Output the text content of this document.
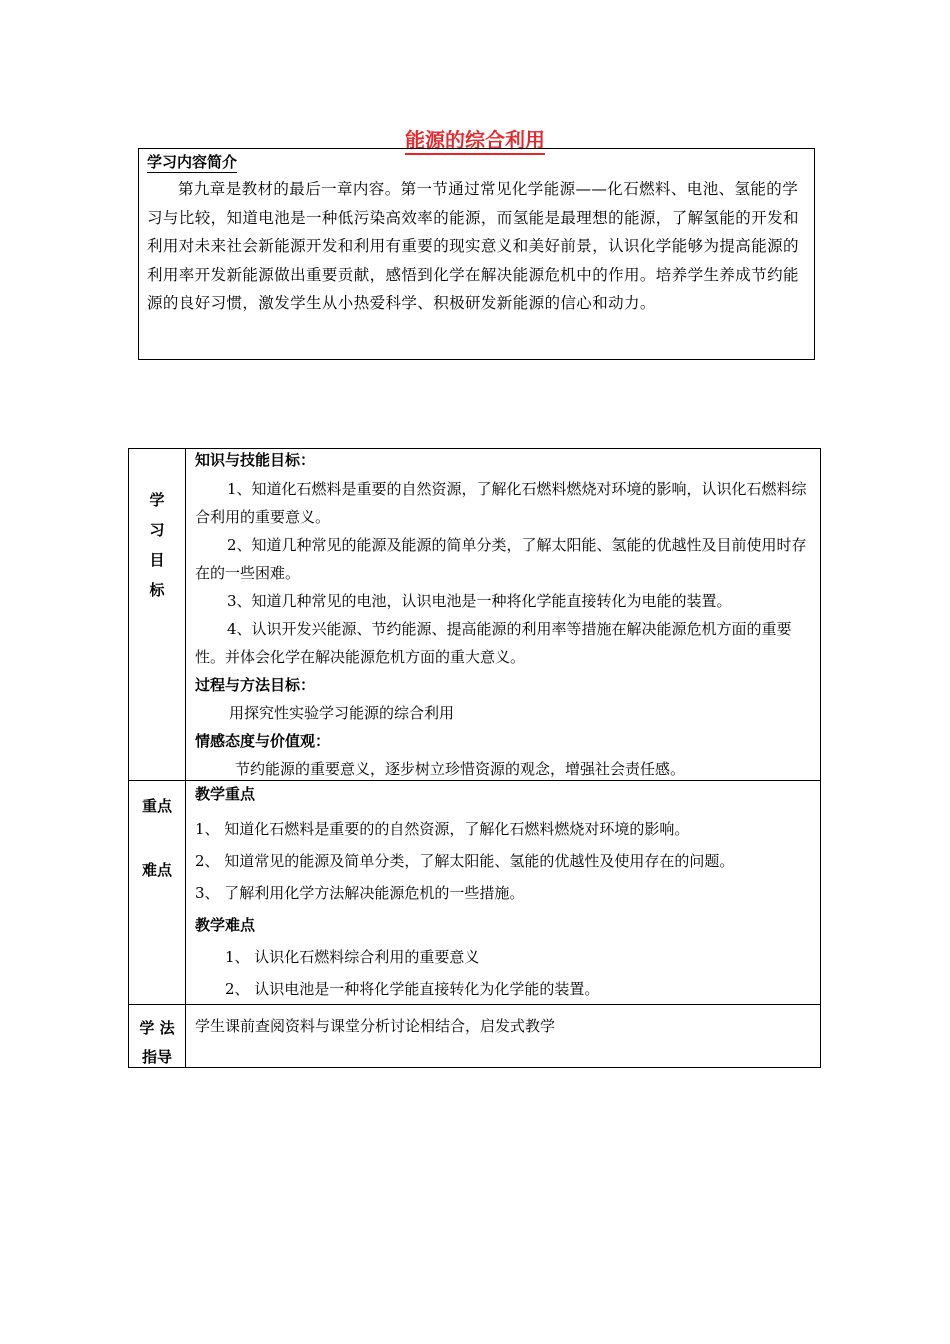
能源的综合利用
学习内容简介
第九章是教材的最后一章内容。第一节通过常见化学能源——化石燃料、电池、氢能的学习与比较，知道电池是一种低污染高效率的能源，而氢能是最理想的能源，了解氢能的开发和利用对未来社会新能源开发和利用有重要的现实意义和美好前景，认识化学能够为提高能源的利用率开发新能源做出重要贡献，感悟到化学在解决能源危机中的作用。培养学生养成节约能源的良好习惯，激发学生从小热爱科学、积极研发新能源的信心和动力。
学
习
目
标
知识与技能目标：
1、知道化石燃料是重要的自然资源，了解化石燃料燃烧对环境的影响，认识化石燃料综合利用的重要意义。
2、知道几种常见的能源及能源的简单分类，了解太阳能、氢能的优越性及目前使用时存在的一些困难。
3、知道几种常见的电池，认识电池是一种将化学能直接转化为电能的装置。
4、认识开发兴能源、节约能源、提高能源的利用率等措施在解决能源危机方面的重要性。并体会化学在解决能源危机方面的重大意义。
过程与方法目标：
用探究性实验学习能源的综合利用
情感态度与价值观：
节约能源的重要意义，逐步树立珍惜资源的观念，增强社会责任感。
重点
难点
教学重点
1、 知道化石燃料是重要的的自然资源，了解化石燃料燃烧对环境的影响。
2、 知道常见的能源及简单分类，了解太阳能、氢能的优越性及使用存在的问题。
3、 了解利用化学方法解决能源危机的一些措施。
教学难点
1、 认识化石燃料综合利用的重要意义
2、 认识电池是一种将化学能直接转化为化学能的装置。
学 法
指导
学生课前查阅资料与课堂分析讨论相结合，启发式教学
